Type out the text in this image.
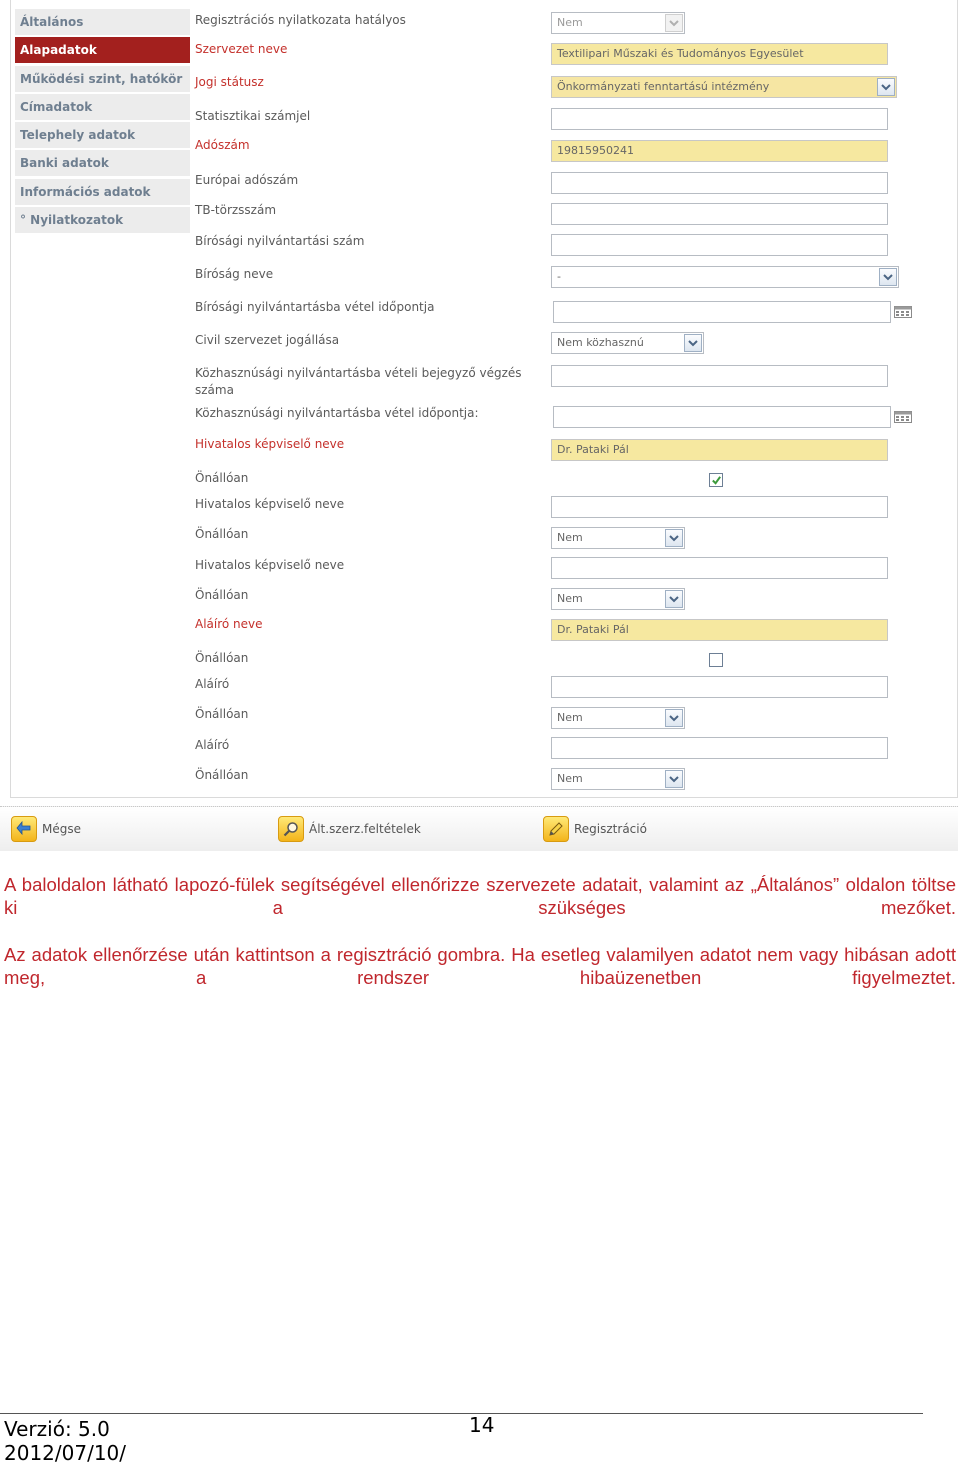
Általános
Alapadatok
Működési szint, hatókör
Címadatok
Telephely adatok
Banki adatok
Információs adatok
° Nyilatkozatok
Regisztrációs nyilatkozata hatályos
Szervezet neve
Jogi státusz
Statisztikai számjel
Adószám
Európai adószám
TB-törzsszám
Bírósági nyilvántartási szám
Bíróság neve
Bírósági nyilvántartásba vétel időpontja
Civil szervezet jogállása
Közhasznúsági nyilvántartásba vételi bejegyző végzés száma
Közhasznúsági nyilvántartásba vétel időpontja:
Hivatalos képviselő neve
Önállóan
Hivatalos képviselő neve
Önállóan
Hivatalos képviselő neve
Önállóan
Aláíró neve
Önállóan
Aláíró
Önállóan
Aláíró
Önállóan
Nem
Textilipari Műszaki és Tudományos Egyesület
Önkormányzati fenntartású intézmény
19815950241
-
Nem közhasznú
Dr. Pataki Pál
Nem
Nem
Dr. Pataki Pál
Nem
Nem
Mégse	Ált.szerz.feltételek	Regisztráció
A baloldalon látható lapozó-fülek segítségével ellenőrizze szervezete adatait, valamint az „Általános” oldalon töltse ki a szükséges mezőket.
Az adatok ellenőrzése után kattintson a regisztráció gombra. Ha esetleg valamilyen adatot nem vagy hibásan adott meg, a rendszer hibaüzenetben figyelmeztet.
Verzió: 5.0
2012/07/10/
14
